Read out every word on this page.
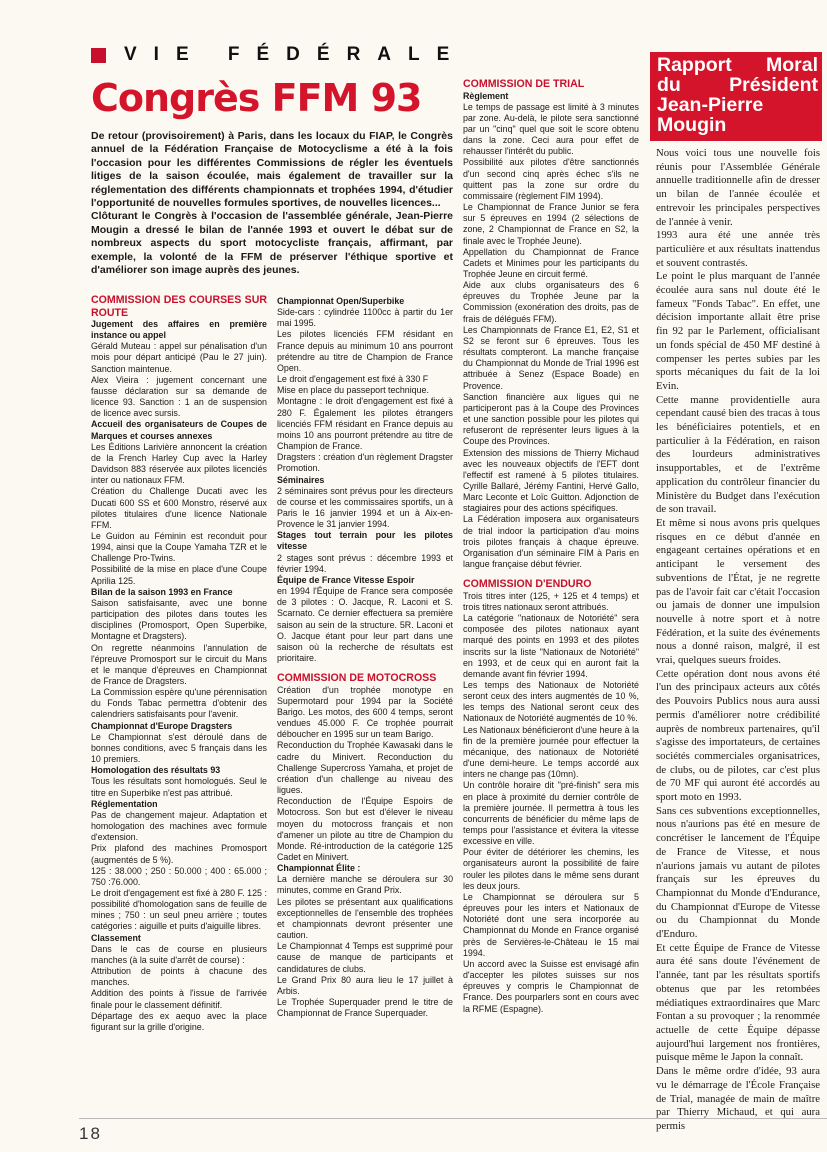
VIE FÉDÉRALE
Congrès FFM 93

De retour (provisoirement) à Paris, dans les locaux du FIAP, le Congrès annuel de la Fédération Française de Motocyclisme a été à la fois l'occasion pour les différentes Commissions de régler les éventuels litiges de la saison écoulée, mais également de travailler sur la réglementation des différents championnats et trophées 1994, d'étudier l'opportunité de nouvelles formules sportives, de nouvelles licences...

Clôturant le Congrès à l'occasion de l'assemblée générale, Jean-Pierre Mougin a dressé le bilan de l'année 1993 et ouvert le débat sur de nombreux aspects du sport motocycliste français, affirmant, par exemple, la volonté de la FFM de préserver l'éthique sportive et d'améliorer son image auprès des jeunes.

COMMISSION DES COURSES SUR ROUTE

Jugement des affaires en première instance ou appel

Gérald Muteau : appel sur pénalisation d'un mois pour départ anticipé (Pau le 27 juin). Sanction maintenue.

Alex Vieira : jugement concernant une fausse déclaration sur sa demande de licence 93. Sanction : 1 an de suspension de licence avec sursis.

Accueil des organisateurs de Coupes de Marques et courses annexes

Les Éditions Larivière annoncent la création de la French Harley Cup avec la Harley Davidson 883 réservée aux pilotes licenciés inter ou nationaux FFM.

Création du Challenge Ducati avec les Ducati 600 SS et 600 Monstro, réservé aux pilotes titulaires d'une licence Nationale FFM.

Le Guidon au Féminin est reconduit pour 1994, ainsi que la Coupe Yamaha TZR et le Challenge Pro-Twins.

Possibilité de la mise en place d'une Coupe Aprilia 125.

Bilan de la saison 1993 en France

Saison satisfaisante, avec une bonne participation des pilotes dans toutes les disciplines (Promosport, Open Superbike, Montagne et Dragsters).

On regrette néanmoins l'annulation de l'épreuve Promosport sur le circuit du Mans et le manque d'épreuves en Championnat de France de Dragsters.

La Commission espère qu'une pérennisation du Fonds Tabac permettra d'obtenir des calendriers satisfaisants pour l'avenir.

Championnat d'Europe Dragsters

Le Championnat s'est déroulé dans de bonnes conditions, avec 5 français dans les 10 premiers.

Homologation des résultats 93

Tous les résultats sont homologués. Seul le titre en Superbike n'est pas attribué.

Réglementation

Pas de changement majeur. Adaptation et homologation des machines avec formule d'extension.

Prix plafond des machines Promosport (augmentés de 5 %).

125 : 38.000 ; 250 : 50.000 ; 400 : 65.000 ; 750 :76.000.

Le droit d'engagement est fixé à 280 F. 125 : possibilité d'homologation sans de feuille de mines ; 750 : un seul pneu arrière ; toutes catégories : aiguille et puits d'aiguille libres.

Classement

Dans le cas de course en plusieurs manches (à la suite d'arrêt de course) :

Attribution de points à chacune des manches.

Addition des points à l'issue de l'arrivée finale pour le classement définitif.

Départage des ex aequo avec la place figurant sur la grille d'origine.

Championnat Open/Superbike

Side-cars : cylindrée 1100cc à partir du 1er mai 1995.

Les pilotes licenciés FFM résidant en France depuis au minimum 10 ans pourront prétendre au titre de Champion de France Open.

Le droit d'engagement est fixé à 330 F

Mise en place du passeport technique.

Montagne : le droit d'engagement est fixé à 280 F. Également les pilotes étrangers licenciés FFM résidant en France depuis au moins 10 ans pourront prétendre au titre de Champion de France.

Dragsters : création d'un règlement Dragster Promotion.

Séminaires

2 séminaires sont prévus pour les directeurs de course et les commissaires sportifs, un à Paris le 16 janvier 1994 et un à Aix-en-Provence le 31 janvier 1994.

Stages tout terrain pour les pilotes vitesse

2 stages sont prévus : décembre 1993 et février 1994.

Équipe de France Vitesse Espoir

en 1994 l'Équipe de France sera composée de 3 pilotes : O. Jacque, R. Laconi et S. Scarnato. Ce dernier effectuera sa première saison au sein de la structure. 5R. Laconi et O. Jacque étant pour leur part dans une saison où la recherche de résultats est prioritaire.

COMMISSION DE MOTOCROSS

Création d'un trophée monotype en Supermotard pour 1994 par la Société Barigo. Les motos, des 600 4 temps, seront vendues 45.000 F. Ce trophée pourrait déboucher en 1995 sur un team Barigo.

Reconduction du Trophée Kawasaki dans le cadre du Minivert. Reconduction du Challenge Supercross Yamaha, et projet de création d'un challenge au niveau des ligues.

Reconduction de l'Équipe Espoirs de Motocross. Son but est d'élever le niveau moyen du motocross français et non d'amener un pilote au titre de Champion du Monde. Ré-introduction de la catégorie 125 Cadet en Minivert.

Championnat Élite :

La dernière manche se déroulera sur 30 minutes, comme en Grand Prix.

Les pilotes se présentant aux qualifications exceptionnelles de l'ensemble des trophées et championnats devront présenter une caution.

Le Championnat 4 Temps est supprimé pour cause de manque de participants et candidatures de clubs.

Le Grand Prix 80 aura lieu le 17 juillet à Arbis.

Le Trophée Superquader prend le titre de Championnat de France Superquader.

COMMISSION DE TRIAL

Règlement

Le temps de passage est limité à 3 minutes par zone. Au-delà, le pilote sera sanctionné par un "cinq" quel que soit le score obtenu dans la zone. Ceci aura pour effet de rehausser l'intérêt du public.

Possibilité aux pilotes d'être sanctionnés d'un second cinq après échec s'ils ne quittent pas la zone sur ordre du commissaire (règlement FIM 1994).

Le Championnat de France Junior se fera sur 5 épreuves en 1994 (2 sélections de zone, 2 Championnat de France en S2, la finale avec le Trophée Jeune).

Appellation du Championnat de France Cadets et Minimes pour les participants du Trophée Jeune en circuit fermé.

Aide aux clubs organisateurs des 6 épreuves du Trophée Jeune par la Commission (exonération des droits, pas de frais de délégués FFM).

Les Championnats de France E1, E2, S1 et S2 se feront sur 6 épreuves. Tous les résultats compteront. La manche française du Championnat du Monde de Trial 1996 est attribuée à Senez (Espace Boade) en Provence.

Sanction financière aux ligues qui ne participeront pas à la Coupe des Provinces et une sanction possible pour les pilotes qui refuseront de représenter leurs ligues à la Coupe des Provinces.

Extension des missions de Thierry Michaud avec les nouveaux objectifs de l'EFT dont l'effectif est ramené à 5 pilotes titulaires. Cyrille Ballaré, Jérémy Fantini, Hervé Gallo, Marc Leconte et Loïc Guitton. Adjonction de stagiaires pour des actions spécifiques.

La Fédération imposera aux organisateurs de trial indoor la participation d'au moins trois pilotes français à chaque épreuve. Organisation d'un séminaire FIM à Paris en langue française début février.

COMMISSION D'ENDURO

Trois titres inter (125, + 125 et 4 temps) et trois titres nationaux seront attribués.

La catégorie "nationaux de Notoriété" sera composée des pilotes nationaux ayant marqué des points en 1993 et des pilotes inscrits sur la liste "Nationaux de Notoriété" en 1993, et de ceux qui en auront fait la demande avant fin février 1994.

Les temps des Nationaux de Notoriété seront ceux des inters augmentés de 10 %, les temps des National seront ceux des Nationaux de Notoriété augmentés de 10 %.

Les Nationaux bénéficieront d'une heure à la fin de la première journée pour effectuer la mécanique, des nationaux de Notoriété d'une demi-heure. Le temps accordé aux inters ne change pas (10mn).

Un contrôle horaire dit "pré-finish" sera mis en place à proximité du dernier contrôle de la première journée. Il permettra à tous les concurrents de bénéficier du même laps de temps pour l'assistance et évitera la vitesse excessive en ville.

Pour éviter de détériorer les chemins, les organisateurs auront la possibilité de faire rouler les pilotes dans le même sens durant les deux jours.

Le Championnat se déroulera sur 5 épreuves pour les inters et Nationaux de Notoriété dont une sera incorporée au Championnat du Monde en France organisé près de Servières-le-Château le 15 mai 1994.

Un accord avec la Suisse est envisagé afin d'accepter les pilotes suisses sur nos épreuves y compris le Championnat de France. Des pourparlers sont en cours avec la RFME (Espagne).

Rapport Moral du Président Jean-Pierre Mougin

Nous voici tous une nouvelle fois réunis pour l'Assemblée Générale annuelle traditionnelle afin de dresser un bilan de l'année écoulée et entrevoir les principales perspectives de l'année à venir.

1993 aura été une année très particulière et aux résultats inattendus et souvent contrastés.

Le point le plus marquant de l'année écoulée aura sans nul doute été le fameux "Fonds Tabac". En effet, une décision importante allait être prise fin 92 par le Parlement, officialisant un fonds spécial de 450 MF destiné à compenser les pertes subies par les sports mécaniques du fait de la loi Evin.

Cette manne providentielle aura cependant causé bien des tracas à tous les bénéficiaires potentiels, et en particulier à la Fédération, en raison des lourdeurs administratives insupportables, et de l'extrême application du contrôleur financier du Ministère du Budget dans l'exécution de son travail.

Et même si nous avons pris quelques risques en ce début d'année en engageant certaines opérations et en anticipant le versement des subventions de l'État, je ne regrette pas de l'avoir fait car c'était l'occasion ou jamais de donner une impulsion nouvelle à notre sport et à notre Fédération, et la suite des événements nous a donné raison, malgré, il est vrai, quelques sueurs froides.

Cette opération dont nous avons été l'un des principaux acteurs aux côtés des Pouvoirs Publics nous aura aussi permis d'améliorer notre crédibilité auprès de nombreux partenaires, qu'il s'agisse des importateurs, de certaines sociétés commerciales organisatrices, de clubs, ou de pilotes, car c'est plus de 70 MF qui auront été accordés au sport moto en 1993.

Sans ces subventions exceptionnelles, nous n'aurions pas été en mesure de concrétiser le lancement de l'Équipe de France de Vitesse, et nous n'aurions jamais vu autant de pilotes français sur les épreuves du Championnat du Monde d'Endurance, du Championnat d'Europe de Vitesse ou du Championnat du Monde d'Enduro.

Et cette Équipe de France de Vitesse aura été sans doute l'événement de l'année, tant par les résultats sportifs obtenus que par les retombées médiatiques extraordinaires que Marc Fontan a su provoquer ; la renommée actuelle de cette Équipe dépasse aujourd'hui largement nos frontières, puisque même le Japon la connaît.

Dans le même ordre d'idée, 93 aura vu le démarrage de l'École Française de Trial, managée de main de maître par Thierry Michaud, et qui aura permis

18
